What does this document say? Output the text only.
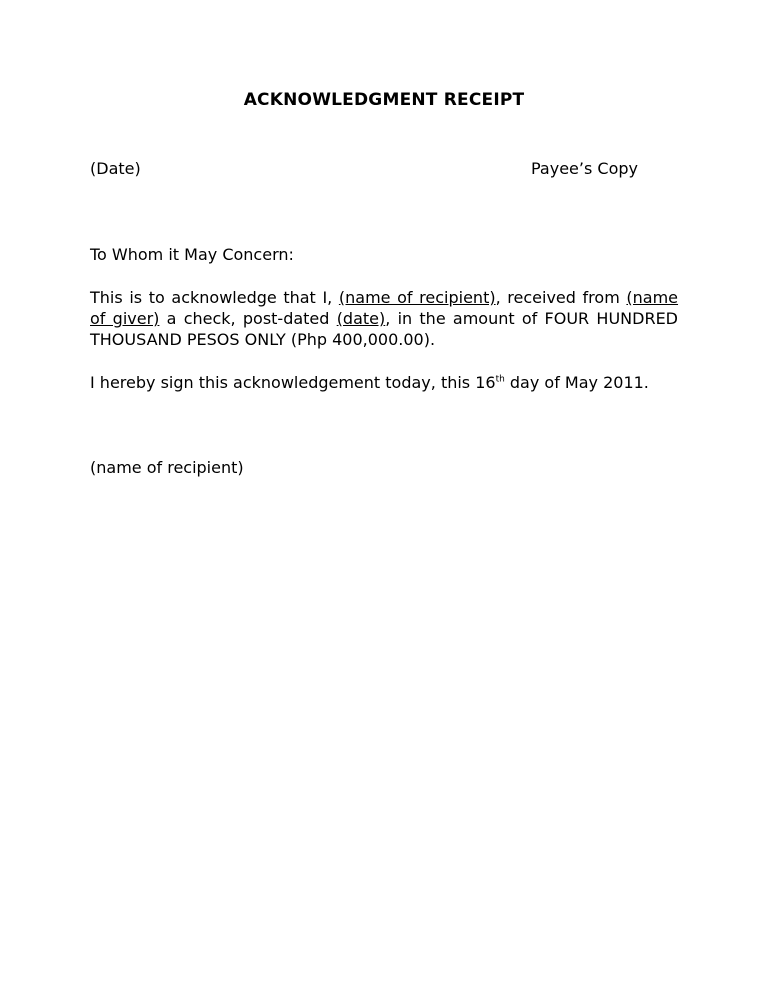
ACKNOWLEDGMENT RECEIPT
(Date)	Payee’s Copy
To Whom it May Concern:

This is to acknowledge that I, (name of recipient), received from (name of giver) a check, post-dated (date), in the amount of FOUR HUNDRED THOUSAND PESOS ONLY (Php 400,000.00).

I hereby sign this acknowledgement today, this 16th day of May 2011.

(name of recipient)
